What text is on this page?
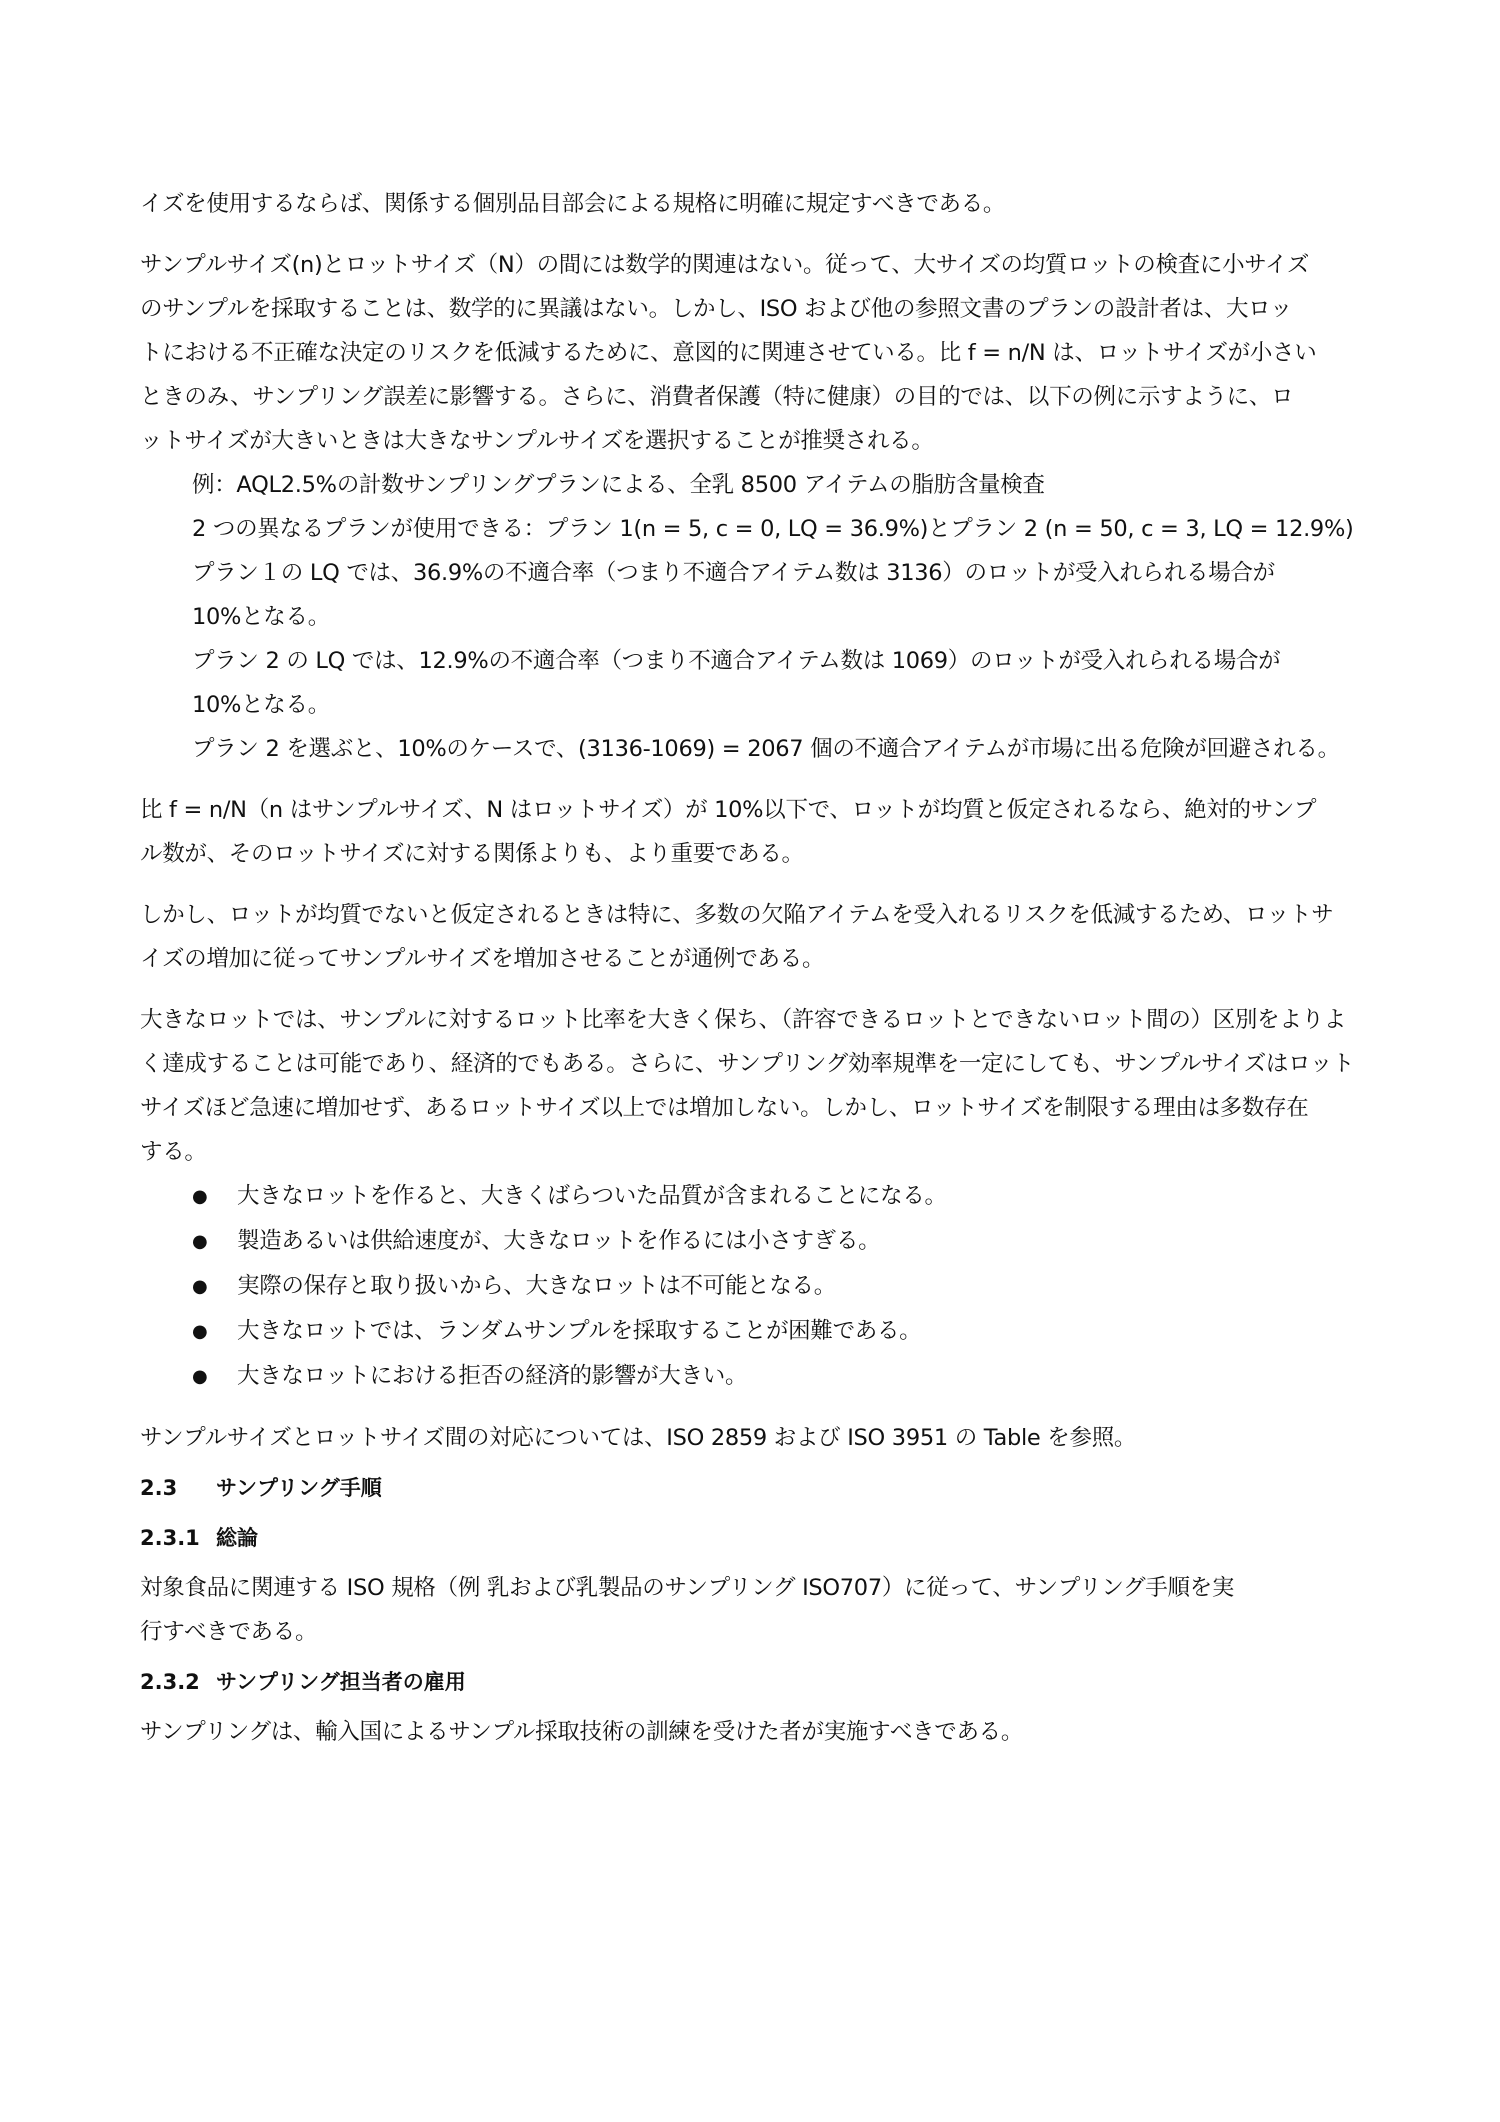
イズを使用するならば、関係する個別品目部会による規格に明確に規定すべきである。

サンプルサイズ(n)とロットサイズ（N）の間には数学的関連はない。従って、大サイズの均質ロットの検査に小サイズ

のサンプルを採取することは、数学的に異議はない。しかし、ISO および他の参照文書のプランの設計者は、大ロッ

トにおける不正確な決定のリスクを低減するために、意図的に関連させている。比 f = n/N は、ロットサイズが小さい

ときのみ、サンプリング誤差に影響する。さらに、消費者保護（特に健康）の目的では、以下の例に示すように、ロ

ットサイズが大きいときは大きなサンプルサイズを選択することが推奨される。

例：AQL2.5%の計数サンプリングプランによる、全乳 8500 アイテムの脂肪含量検査

2 つの異なるプランが使用できる：プラン 1(n = 5, c = 0, LQ = 36.9%)とプラン 2 (n = 50, c = 3, LQ = 12.9%)

プラン１の LQ では、36.9%の不適合率（つまり不適合アイテム数は 3136）のロットが受入れられる場合が

10%となる。

プラン 2 の LQ では、12.9%の不適合率（つまり不適合アイテム数は 1069）のロットが受入れられる場合が

10%となる。

プラン 2 を選ぶと、10%のケースで、(3136-1069) = 2067 個の不適合アイテムが市場に出る危険が回避される。

比 f = n/N（n はサンプルサイズ、N はロットサイズ）が 10%以下で、ロットが均質と仮定されるなら、絶対的サンプ

ル数が、そのロットサイズに対する関係よりも、より重要である。

しかし、ロットが均質でないと仮定されるときは特に、多数の欠陥アイテムを受入れるリスクを低減するため、ロットサ

イズの増加に従ってサンプルサイズを増加させることが通例である。

大きなロットでは、サンプルに対するロット比率を大きく保ち、（許容できるロットとできないロット間の）区別をよりよ

く達成することは可能であり、経済的でもある。さらに、サンプリング効率規準を一定にしても、サンプルサイズはロット

サイズほど急速に増加せず、あるロットサイズ以上では増加しない。しかし、ロットサイズを制限する理由は多数存在

する。

● 大きなロットを作ると、大きくばらついた品質が含まれることになる。
● 製造あるいは供給速度が、大きなロットを作るには小さすぎる。
● 実際の保存と取り扱いから、大きなロットは不可能となる。
● 大きなロットでは、ランダムサンプルを採取することが困難である。
● 大きなロットにおける拒否の経済的影響が大きい。

サンプルサイズとロットサイズ間の対応については、ISO 2859 および ISO 3951 の Table を参照。

2.3	サンプリング手順
2.3.1 総論

対象食品に関連する ISO 規格（例 乳および乳製品のサンプリング ISO707）に従って、サンプリング手順を実

行すべきである。

2.3.2 サンプリング担当者の雇用

サンプリングは、輸入国によるサンプル採取技術の訓練を受けた者が実施すべきである。
